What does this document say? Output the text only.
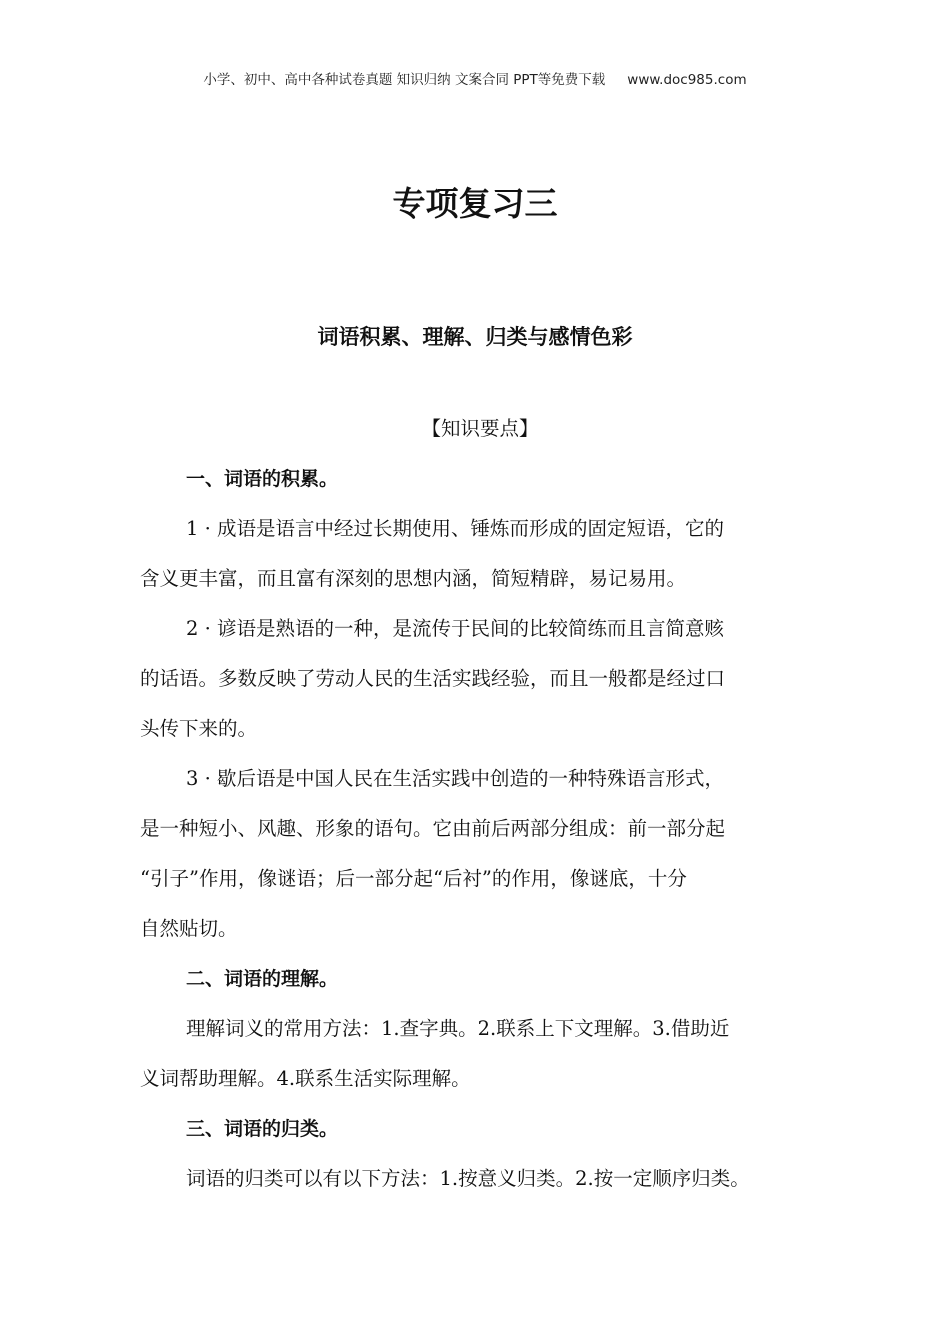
小学、初中、高中各种试卷真题 知识归纳 文案合同 PPT等免费下载 www.doc985.com
专项复习三
词语积累、理解、归类与感情色彩
【知识要点】
一、词语的积累。
1 · 成语是语言中经过长期使用、锤炼而形成的固定短语，它的
含义更丰富，而且富有深刻的思想内涵，简短精辟，易记易用。
2 · 谚语是熟语的一种，是流传于民间的比较简练而且言简意赅
的话语。多数反映了劳动人民的生活实践经验，而且一般都是经过口
头传下来的。
3 · 歇后语是中国人民在生活实践中创造的一种特殊语言形式，
是一种短小、风趣、形象的语句。它由前后两部分组成：前一部分起
“引子”作用，像谜语；后一部分起“后衬”的作用，像谜底，十分
自然贴切。
二、词语的理解。
理解词义的常用方法：1.查字典。2.联系上下文理解。3.借助近
义词帮助理解。4.联系生活实际理解。
三、词语的归类。
词语的归类可以有以下方法：1.按意义归类。2.按一定顺序归类。
